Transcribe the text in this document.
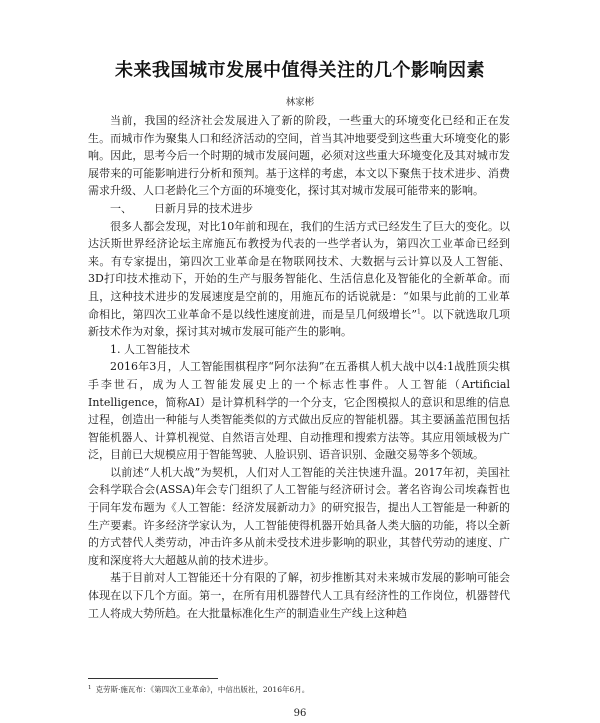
未来我国城市发展中值得关注的几个影响因素
林家彬

当前，我国的经济社会发展进入了新的阶段，一些重大的环境变化已经和正在发生。而城市作为聚集人口和经济活动的空间，首当其冲地要受到这些重大环境变化的影响。因此，思考今后一个时期的城市发展问题，必须对这些重大环境变化及其对城市发展带来的可能影响进行分析和预判。基于这样的考虑，本文以下聚焦于技术进步、消费需求升级、人口老龄化三个方面的环境变化，探讨其对城市发展可能带来的影响。

一、 日新月异的技术进步

很多人都会发现，对比10年前和现在，我们的生活方式已经发生了巨大的变化。以达沃斯世界经济论坛主席施瓦布教授为代表的一些学者认为，第四次工业革命已经到来。有专家提出，第四次工业革命是在物联网技术、大数据与云计算以及人工智能、3D打印技术推动下，开始的生产与服务智能化、生活信息化及智能化的全新革命。而且，这种技术进步的发展速度是空前的，用施瓦布的话说就是：“如果与此前的工业革命相比，第四次工业革命不是以线性速度前进，而是呈几何级增长”$^1$。以下就选取几项新技术作为对象，探讨其对城市发展可能产生的影响。

1. 人工智能技术

2016年3月，人工智能围棋程序“阿尔法狗”在五番棋人机大战中以4:1战胜顶尖棋手李世石，成为人工智能发展史上的一个标志性事件。人工智能（Artificial Intelligence，简称AI）是计算机科学的一个分支，它企图模拟人的意识和思维的信息过程，创造出一种能与人类智能类似的方式做出反应的智能机器。其主要涵盖范围包括智能机器人、计算机视觉、自然语言处理、自动推理和搜索方法等。其应用领域极为广泛，目前已大规模应用于智能驾驶、人脸识别、语音识别、金融交易等多个领域。

以前述“人机大战”为契机，人们对人工智能的关注快速升温。2017年初，美国社会科学联合会(ASSA)年会专门组织了人工智能与经济研讨会。著名咨询公司埃森哲也于同年发布题为《人工智能：经济发展新动力》的研究报告，提出人工智能是一种新的生产要素。许多经济学家认为，人工智能使得机器开始具备人类大脑的功能，将以全新的方式替代人类劳动，冲击许多从前未受技术进步影响的职业，其替代劳动的速度、广度和深度将大大超越从前的技术进步。

基于目前对人工智能还十分有限的了解，初步推断其对未来城市发展的影响可能会体现在以下几个方面。第一，在所有用机器替代人工具有经济性的工作岗位，机器替代工人将成大势所趋。在大批量标准化生产的制造业生产线上这种趋

$^1$ 克劳斯·施瓦布：《第四次工业革命》，中信出版社，2016年6月。
96
